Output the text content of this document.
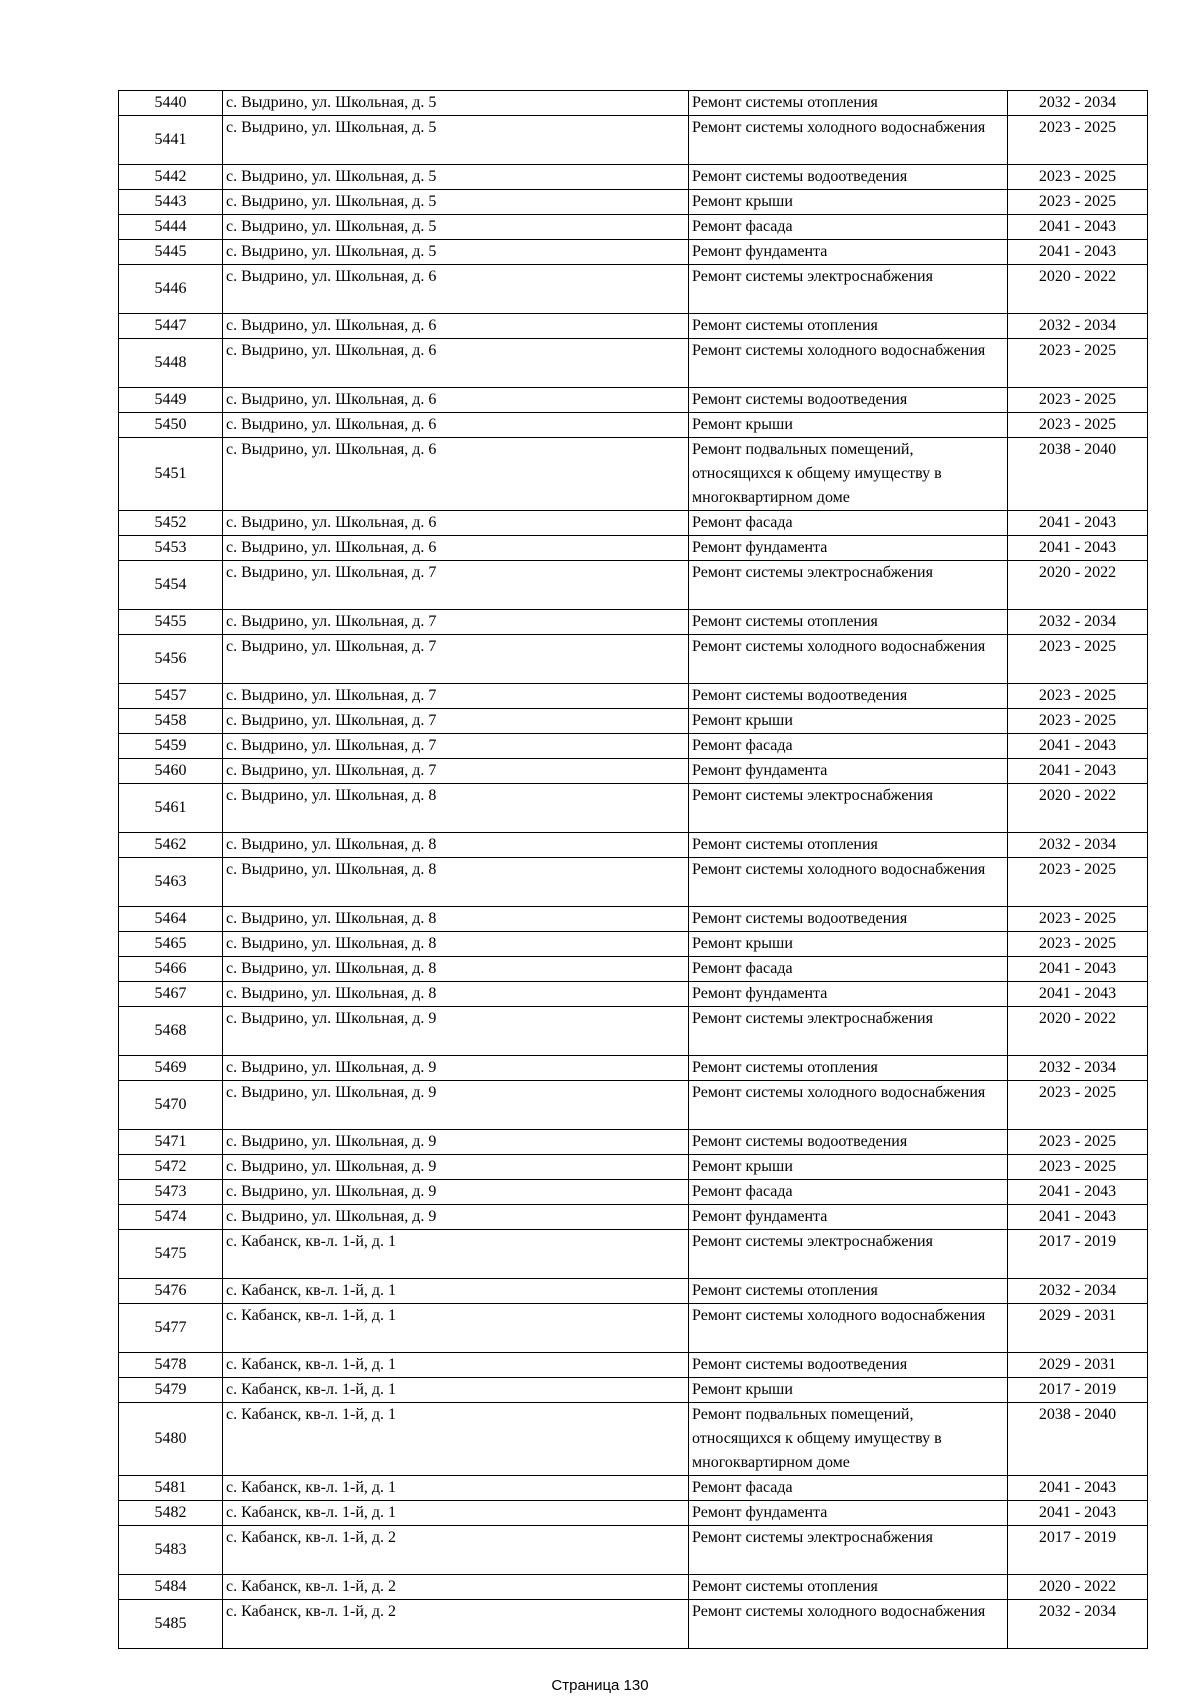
5440	с. Выдрино, ул. Школьная, д. 5	Ремонт системы отопления	2032 - 2034
5441	с. Выдрино, ул. Школьная, д. 5	Ремонт системы холодного водоснабжения	2023 - 2025
5442	с. Выдрино, ул. Школьная, д. 5	Ремонт системы водоотведения	2023 - 2025
5443	с. Выдрино, ул. Школьная, д. 5	Ремонт крыши	2023 - 2025
5444	с. Выдрино, ул. Школьная, д. 5	Ремонт фасада	2041 - 2043
5445	с. Выдрино, ул. Школьная, д. 5	Ремонт фундамента	2041 - 2043
5446	с. Выдрино, ул. Школьная, д. 6	Ремонт системы электроснабжения	2020 - 2022
5447	с. Выдрино, ул. Школьная, д. 6	Ремонт системы отопления	2032 - 2034
5448	с. Выдрино, ул. Школьная, д. 6	Ремонт системы холодного водоснабжения	2023 - 2025
5449	с. Выдрино, ул. Школьная, д. 6	Ремонт системы водоотведения	2023 - 2025
5450	с. Выдрино, ул. Школьная, д. 6	Ремонт крыши	2023 - 2025
5451	с. Выдрино, ул. Школьная, д. 6	Ремонт подвальных помещений, относящихся к общему имуществу в многоквартирном доме	2038 - 2040
5452	с. Выдрино, ул. Школьная, д. 6	Ремонт фасада	2041 - 2043
5453	с. Выдрино, ул. Школьная, д. 6	Ремонт фундамента	2041 - 2043
5454	с. Выдрино, ул. Школьная, д. 7	Ремонт системы электроснабжения	2020 - 2022
5455	с. Выдрино, ул. Школьная, д. 7	Ремонт системы отопления	2032 - 2034
5456	с. Выдрино, ул. Школьная, д. 7	Ремонт системы холодного водоснабжения	2023 - 2025
5457	с. Выдрино, ул. Школьная, д. 7	Ремонт системы водоотведения	2023 - 2025
5458	с. Выдрино, ул. Школьная, д. 7	Ремонт крыши	2023 - 2025
5459	с. Выдрино, ул. Школьная, д. 7	Ремонт фасада	2041 - 2043
5460	с. Выдрино, ул. Школьная, д. 7	Ремонт фундамента	2041 - 2043
5461	с. Выдрино, ул. Школьная, д. 8	Ремонт системы электроснабжения	2020 - 2022
5462	с. Выдрино, ул. Школьная, д. 8	Ремонт системы отопления	2032 - 2034
5463	с. Выдрино, ул. Школьная, д. 8	Ремонт системы холодного водоснабжения	2023 - 2025
5464	с. Выдрино, ул. Школьная, д. 8	Ремонт системы водоотведения	2023 - 2025
5465	с. Выдрино, ул. Школьная, д. 8	Ремонт крыши	2023 - 2025
5466	с. Выдрино, ул. Школьная, д. 8	Ремонт фасада	2041 - 2043
5467	с. Выдрино, ул. Школьная, д. 8	Ремонт фундамента	2041 - 2043
5468	с. Выдрино, ул. Школьная, д. 9	Ремонт системы электроснабжения	2020 - 2022
5469	с. Выдрино, ул. Школьная, д. 9	Ремонт системы отопления	2032 - 2034
5470	с. Выдрино, ул. Школьная, д. 9	Ремонт системы холодного водоснабжения	2023 - 2025
5471	с. Выдрино, ул. Школьная, д. 9	Ремонт системы водоотведения	2023 - 2025
5472	с. Выдрино, ул. Школьная, д. 9	Ремонт крыши	2023 - 2025
5473	с. Выдрино, ул. Школьная, д. 9	Ремонт фасада	2041 - 2043
5474	с. Выдрино, ул. Школьная, д. 9	Ремонт фундамента	2041 - 2043
5475	с. Кабанск, кв-л. 1-й, д. 1	Ремонт системы электроснабжения	2017 - 2019
5476	с. Кабанск, кв-л. 1-й, д. 1	Ремонт системы отопления	2032 - 2034
5477	с. Кабанск, кв-л. 1-й, д. 1	Ремонт системы холодного водоснабжения	2029 - 2031
5478	с. Кабанск, кв-л. 1-й, д. 1	Ремонт системы водоотведения	2029 - 2031
5479	с. Кабанск, кв-л. 1-й, д. 1	Ремонт крыши	2017 - 2019
5480	с. Кабанск, кв-л. 1-й, д. 1	Ремонт подвальных помещений, относящихся к общему имуществу в многоквартирном доме	2038 - 2040
5481	с. Кабанск, кв-л. 1-й, д. 1	Ремонт фасада	2041 - 2043
5482	с. Кабанск, кв-л. 1-й, д. 1	Ремонт фундамента	2041 - 2043
5483	с. Кабанск, кв-л. 1-й, д. 2	Ремонт системы электроснабжения	2017 - 2019
5484	с. Кабанск, кв-л. 1-й, д. 2	Ремонт системы отопления	2020 - 2022
5485	с. Кабанск, кв-л. 1-й, д. 2	Ремонт системы холодного водоснабжения	2032 - 2034
Страница 130
